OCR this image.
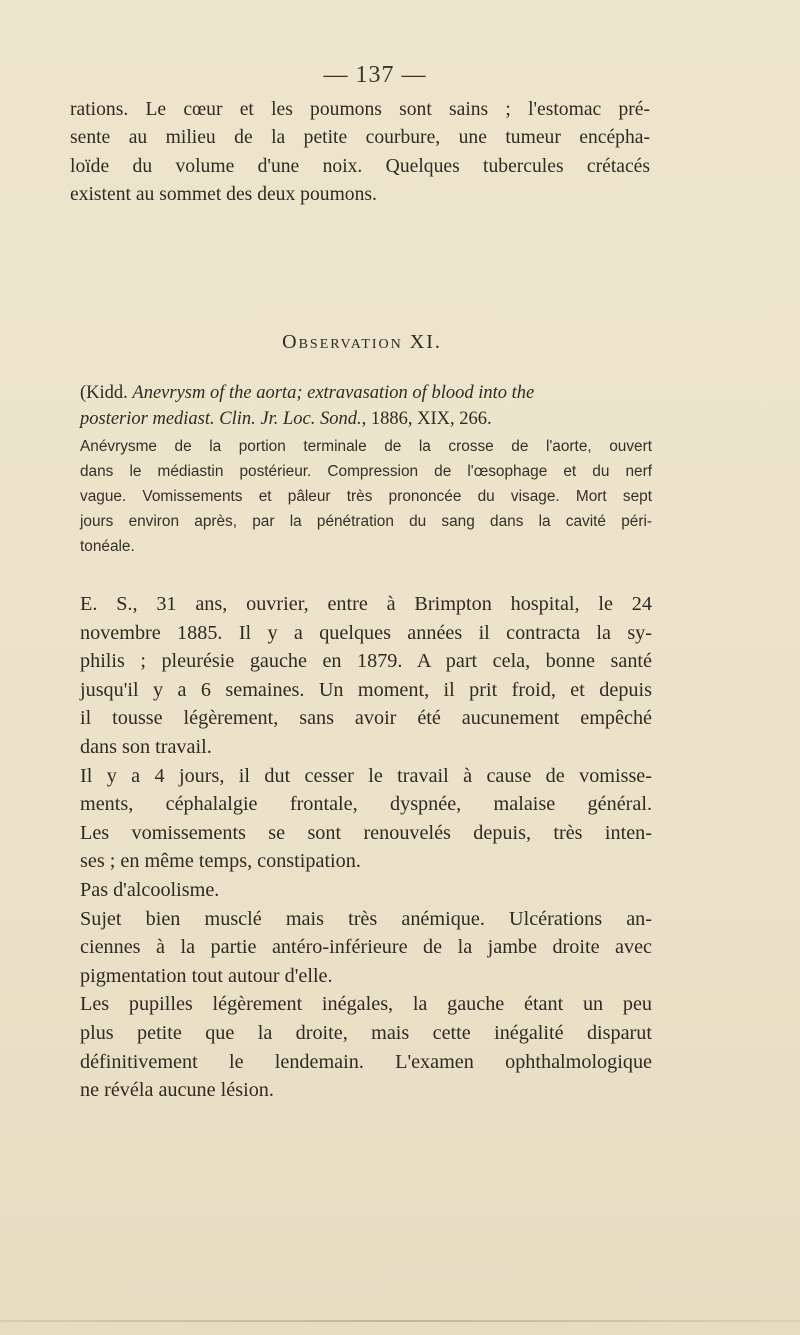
— 137 —
rations. Le cœur et les poumons sont sains ; l'estomac pré-
sente au milieu de la petite courbure, une tumeur encépha-
loïde du volume d'une noix. Quelques tubercules crétacés
existent au sommet des deux poumons.
Observation XI.
(Kidd. Anevrysm of the aorta; extravasation of blood into the
posterior mediast. Clin. Jr. Loc. Sond., 1886, XIX, 266.
Anévrysme de la portion terminale de la crosse de l'aorte, ouvert
dans le médiastin postérieur. Compression de l'œsophage et du nerf
vague. Vomissements et pâleur très prononcée du visage. Mort sept
jours environ après, par la pénétration du sang dans la cavité péri-
tonéale.
E. S., 31 ans, ouvrier, entre à Brimpton hospital, le 24
novembre 1885. Il y a quelques années il contracta la sy-
philis ; pleurésie gauche en 1879. A part cela, bonne santé
jusqu'il y a 6 semaines. Un moment, il prit froid, et depuis
il tousse légèrement, sans avoir été aucunement empêché
dans son travail.
Il y a 4 jours, il dut cesser le travail à cause de vomisse-
ments, céphalalgie frontale, dyspnée, malaise général.
Les vomissements se sont renouvelés depuis, très inten-
ses ; en même temps, constipation.
Pas d'alcoolisme.
Sujet bien musclé mais très anémique. Ulcérations an-
ciennes à la partie antéro-inférieure de la jambe droite avec
pigmentation tout autour d'elle.
Les pupilles légèrement inégales, la gauche étant un peu
plus petite que la droite, mais cette inégalité disparut
définitivement le lendemain. L'examen ophthalmologique
ne révéla aucune lésion.
